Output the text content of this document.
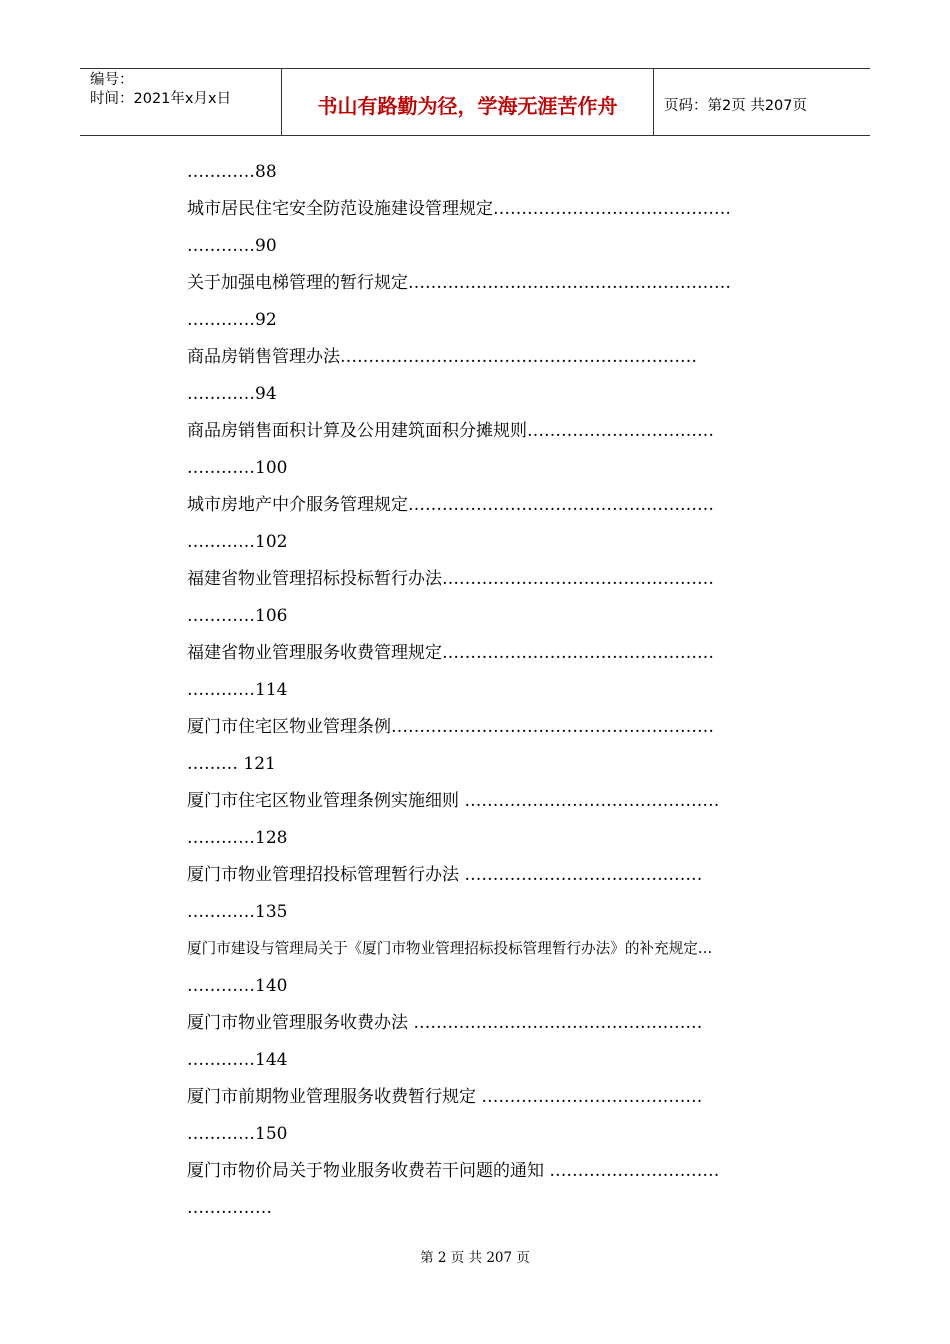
编号：
时间：2021年x月x日	书山有路勤为径，学海无涯苦作舟	页码：第2页 共207页
…………88
城市居民住宅安全防范设施建设管理规定……………………………………
…………90
关于加强电梯管理的暂行规定…………………………………………………
…………92
商品房销售管理办法………………………………………………………
…………94
商品房销售面积计算及公用建筑面积分摊规则……………………………
…………100
城市房地产中介服务管理规定………………………………………………
…………102
福建省物业管理招标投标暂行办法…………………………………………
…………106
福建省物业管理服务收费管理规定…………………………………………
…………114
厦门市住宅区物业管理条例…………………………………………………
……… 121
厦门市住宅区物业管理条例实施细则 ………………………………………
…………128
厦门市物业管理招投标管理暂行办法 ……………………………………
…………135
厦门市建设与管理局关于《厦门市物业管理招标投标管理暂行办法》的补充规定…
…………140
厦门市物业管理服务收费办法 ……………………………………………
…………144
厦门市前期物业管理服务收费暂行规定 …………………………………
…………150
厦门市物价局关于物业服务收费若干问题的通知 …………………………
……………
第 2 页 共 207 页
